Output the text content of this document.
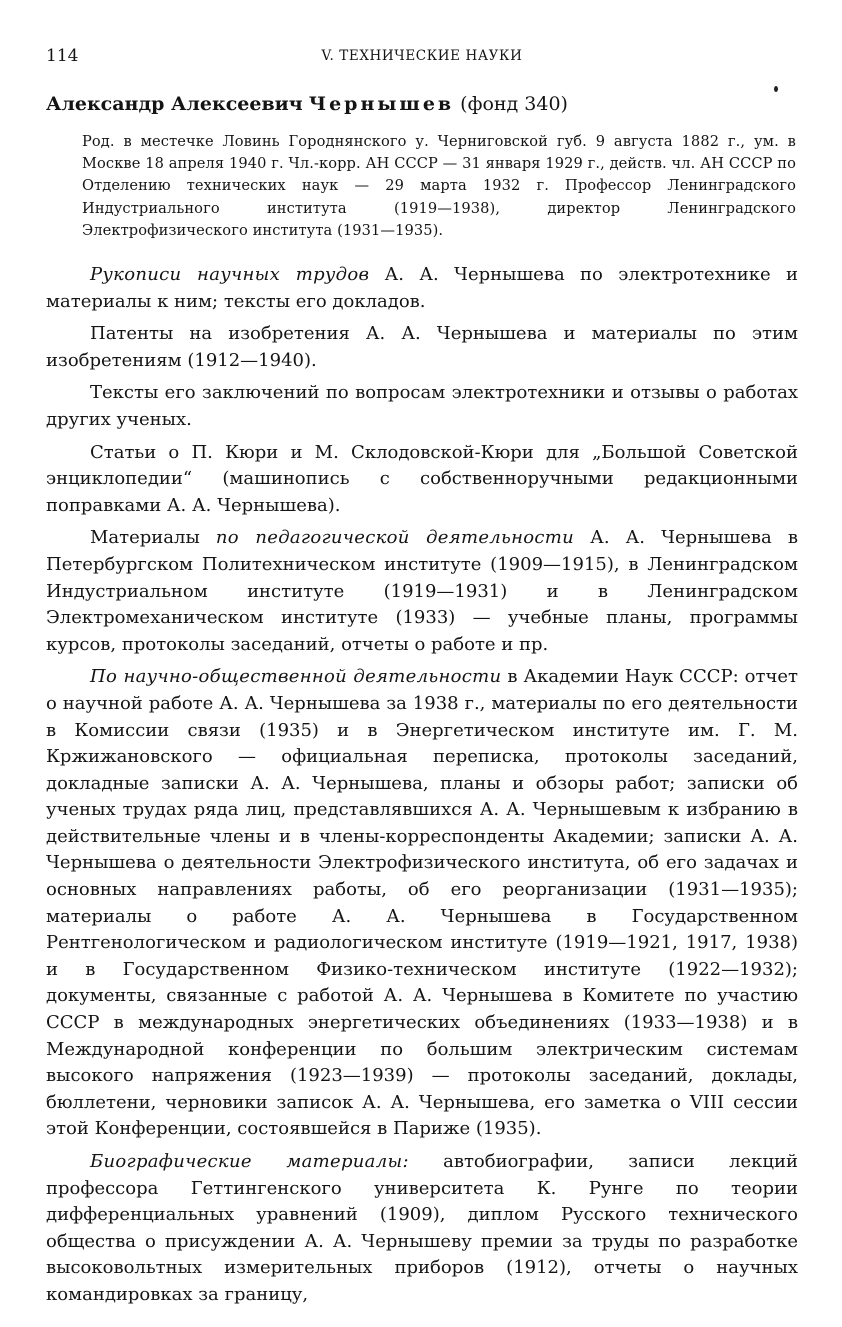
114	V. ТЕХНИЧЕСКИЕ НАУКИ
Александр Алексеевич Чернышев (фонд 340)
Род. в местечке Ловинь Городнянского у. Черниговской губ. 9 августа 1882 г., ум. в Москве 18 апреля 1940 г. Чл.-корр. АН СССР — 31 января 1929 г., действ. чл. АН СССР по Отделению технических наук — 29 марта 1932 г. Профессор Ленинградского Индустриального института (1919—1938), директор Ленинградского Электрофизического института (1931—1935).

Рукописи научных трудов А. А. Чернышева по электротехнике и материалы к ним; тексты его докладов.

Патенты на изобретения А. А. Чернышева и материалы по этим изобретениям (1912—1940).

Тексты его заключений по вопросам электротехники и отзывы о работах других ученых.

Статьи о П. Кюри и М. Склодовской-Кюри для „Большой Советской энциклопедии“ (машинопись с собственноручными редакционными поправками А. А. Чернышева).

Материалы по педагогической деятельности А. А. Чернышева в Петербургском Политехническом институте (1909—1915), в Ленинградском Индустриальном институте (1919—1931) и в Ленинградском Электромеханическом институте (1933) — учебные планы, программы курсов, протоколы заседаний, отчеты о работе и пр.

По научно-общественной деятельности в Академии Наук СССР: отчет о научной работе А. А. Чернышева за 1938 г., материалы по его деятельности в Комиссии связи (1935) и в Энергетическом институте им. Г. М. Кржижановского — официальная переписка, протоколы заседаний, докладные записки А. А. Чернышева, планы и обзоры работ; записки об ученых трудах ряда лиц, представлявшихся А. А. Чернышевым к избранию в действительные члены и в члены-корреспонденты Академии; записки А. А. Чернышева о деятельности Электрофизического института, об его задачах и основных направлениях работы, об его реорганизации (1931—1935); материалы о работе А. А. Чернышева в Государственном Рентгенологическом и радиологическом институте (1919—1921, 1917, 1938) и в Государственном Физико-техническом институте (1922—1932); документы, связанные с работой А. А. Чернышева в Комитете по участию СССР в международных энергетических объединениях (1933—1938) и в Международной конференции по большим электрическим системам высокого напряжения (1923—1939) — протоколы заседаний, доклады, бюллетени, черновики записок А. А. Чернышева, его заметка о VIII сессии этой Конференции, состоявшейся в Париже (1935).

Биографические материалы: автобиографии, записи лекций профессора Геттингенского университета К. Рунге по теории дифференциальных уравнений (1909), диплом Русского технического общества о присуждении А. А. Чернышеву премии за труды по разработке высоковольтных измерительных приборов (1912), отчеты о научных командировках за границу,
